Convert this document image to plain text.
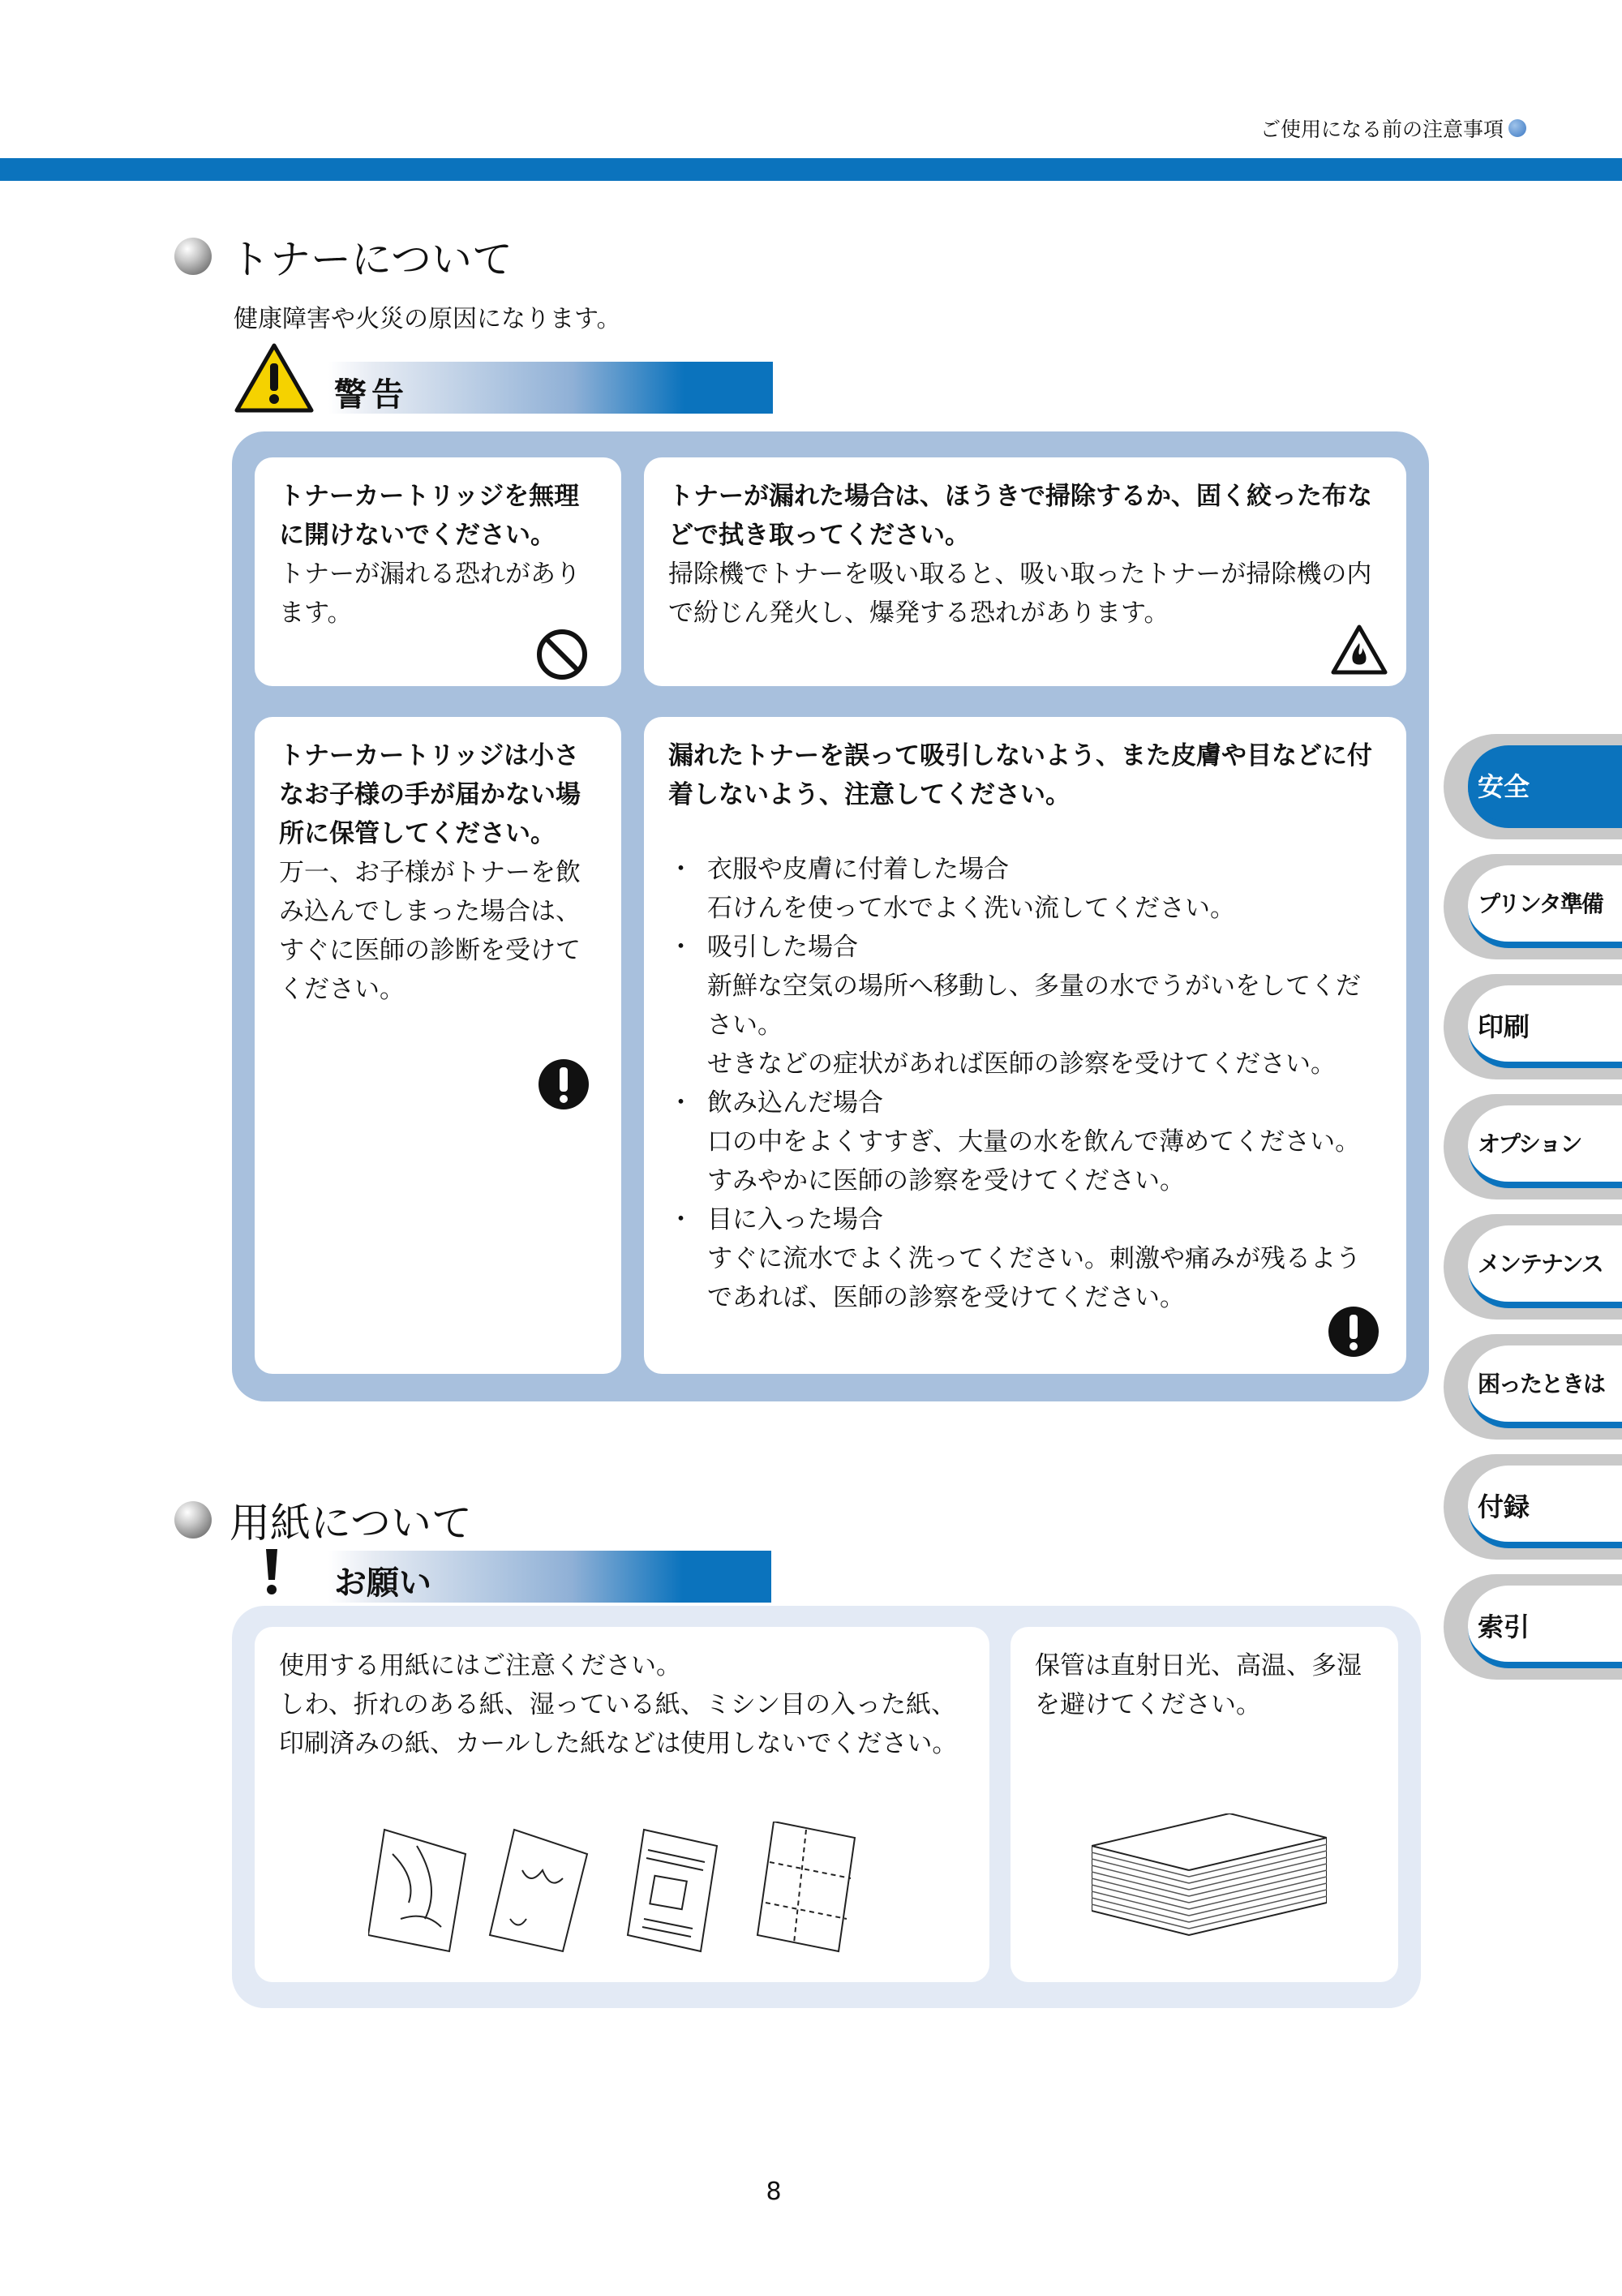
ご使用になる前の注意事項
トナーについて
健康障害や火災の原因になります。
警告
トナーカートリッジを無理に開けないでください。
トナーが漏れる恐れがあります。
トナーが漏れた場合は、ほうきで掃除するか、固く絞った布などで拭き取ってください。
掃除機でトナーを吸い取ると、吸い取ったトナーが掃除機の内で紛じん発火し、爆発する恐れがあります。
トナーカートリッジは小さなお子様の手が届かない場所に保管してください。
万一、お子様がトナーを飲み込んでしまった場合は、すぐに医師の診断を受けてください。
漏れたトナーを誤って吸引しないよう、また皮膚や目などに付着しないよう、注意してください。
・ 衣服や皮膚に付着した場合
石けんを使って水でよく洗い流してください。
・ 吸引した場合
新鮮な空気の場所へ移動し、多量の水でうがいをしてください。
せきなどの症状があれば医師の診察を受けてください。
・ 飲み込んだ場合
口の中をよくすすぎ、大量の水を飲んで薄めてください。すみやかに医師の診察を受けてください。
・ 目に入った場合
すぐに流水でよく洗ってください。刺激や痛みが残るようであれば、医師の診察を受けてください。
用紙について
お願い
使用する用紙にはご注意ください。
しわ、折れのある紙、湿っている紙、ミシン目の入った紙、印刷済みの紙、カールした紙などは使用しないでください。
保管は直射日光、高温、多湿を避けてください。
安全
プリンタ準備
印刷
オプション
メンテナンス
困ったときは
付録
索引
8
